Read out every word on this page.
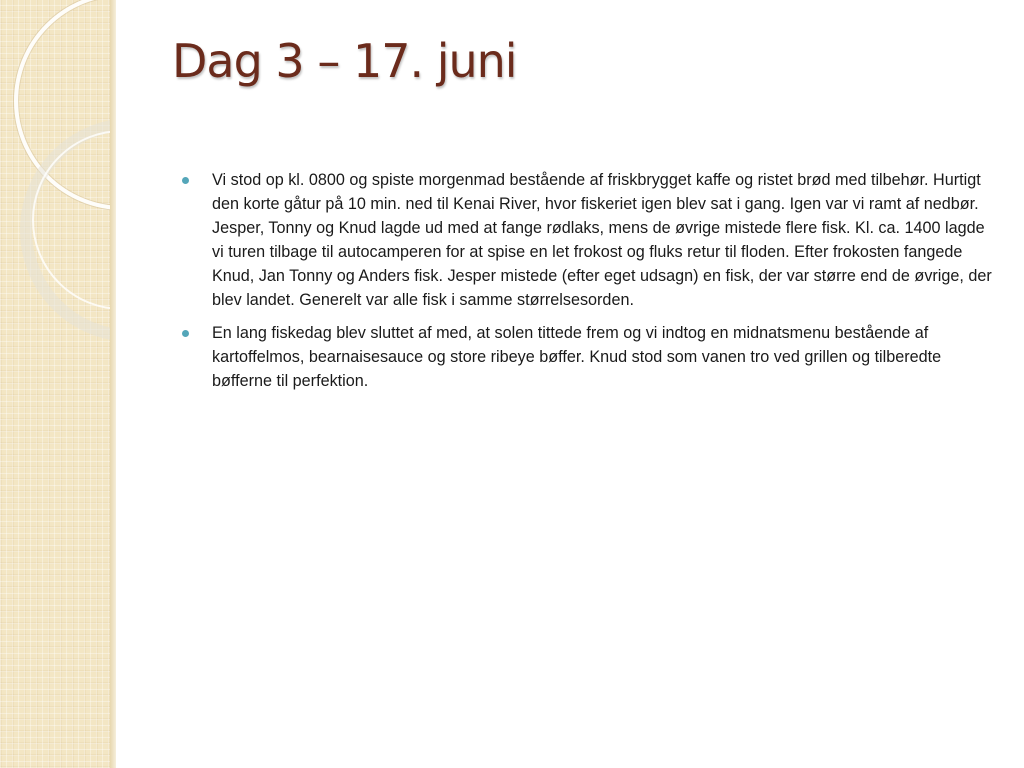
Dag 3 – 17. juni
Vi stod op kl. 0800 og spiste morgenmad bestående af friskbrygget kaffe og ristet brød med tilbehør. Hurtigt den korte gåtur på 10 min. ned til Kenai River, hvor fiskeriet igen blev sat i gang. Igen var vi ramt af nedbør. Jesper, Tonny og Knud lagde ud med at fange rødlaks, mens de øvrige mistede flere fisk. Kl. ca. 1400 lagde vi turen tilbage til autocamperen for at spise en let frokost og fluks retur til floden. Efter frokosten fangede Knud, Jan Tonny og Anders fisk. Jesper mistede (efter eget udsagn) en fisk, der var større end de øvrige, der blev landet. Generelt var alle fisk i samme størrelsesorden.
En lang fiskedag blev sluttet af med, at solen tittede frem og vi indtog en midnatsmenu bestående af kartoffelmos, bearnaisesauce og store ribeye bøffer. Knud stod som vanen tro ved grillen og tilberedte bøfferne til perfektion.
